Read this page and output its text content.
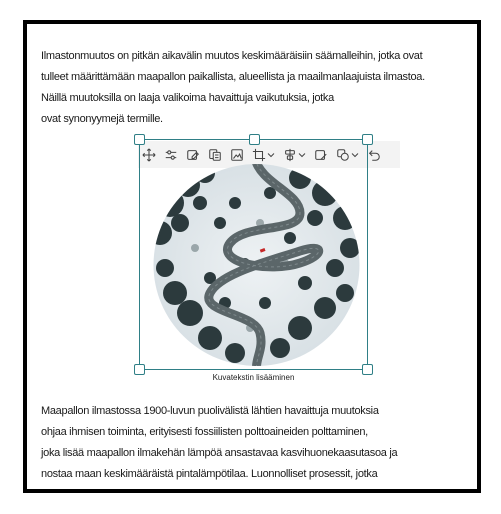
Ilmastonmuutos on pitkän aikavälin muutos keskimääräisiin säämalleihin, jotka ovat
tulleet määrittämään maapallon paikallista, alueellista ja maailmanlaajuista ilmastoa.
Näillä muutoksilla on laaja valikoima havaittuja vaikutuksia, jotka
ovat synonyymejä termille.
Kuvatekstin lisääminen
Maapallon ilmastossa 1900-luvun puolivälistä lähtien havaittuja muutoksia
ohjaa ihmisen toiminta, erityisesti fossiilisten polttoaineiden polttaminen,
joka lisää maapallon ilmakehän lämpöä ansastavaa kasvihuonekaasutasoa ja
nostaa maan keskimääräistä pintalämpötilaa. Luonnolliset prosessit, jotka
